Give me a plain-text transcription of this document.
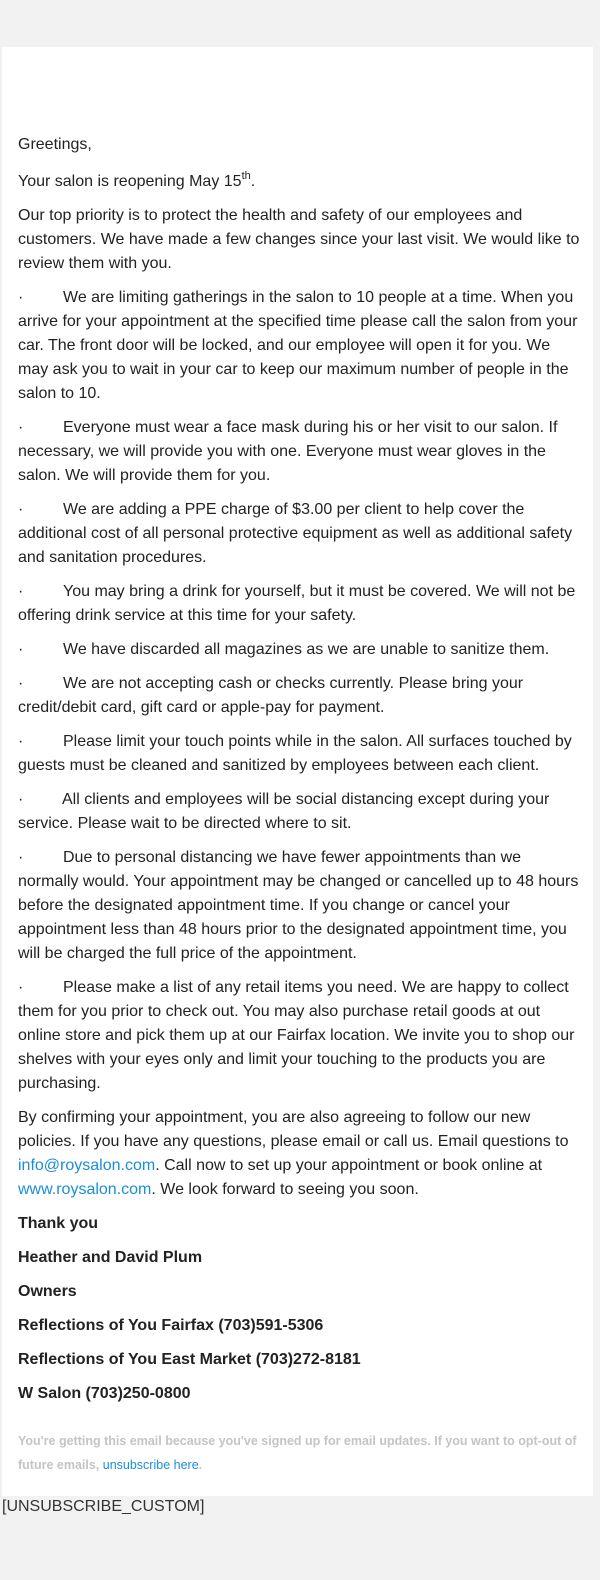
Greetings,

Your salon is reopening May 15th.

Our top priority is to protect the health and safety of our employees and customers. We have made a few changes since your last visit. We would like to review them with you.

· We are limiting gatherings in the salon to 10 people at a time. When you arrive for your appointment at the specified time please call the salon from your car. The front door will be locked, and our employee will open it for you. We may ask you to wait in your car to keep our maximum number of people in the salon to 10.

· Everyone must wear a face mask during his or her visit to our salon. If necessary, we will provide you with one. Everyone must wear gloves in the salon. We will provide them for you.

· We are adding a PPE charge of $3.00 per client to help cover the additional cost of all personal protective equipment as well as additional safety and sanitation procedures.

· You may bring a drink for yourself, but it must be covered. We will not be offering drink service at this time for your safety.

· We have discarded all magazines as we are unable to sanitize them.

· We are not accepting cash or checks currently. Please bring your credit/debit card, gift card or apple-pay for payment.

· Please limit your touch points while in the salon. All surfaces touched by guests must be cleaned and sanitized by employees between each client.

· All clients and employees will be social distancing except during your service. Please wait to be directed where to sit.

· Due to personal distancing we have fewer appointments than we normally would. Your appointment may be changed or cancelled up to 48 hours before the designated appointment time. If you change or cancel your appointment less than 48 hours prior to the designated appointment time, you will be charged the full price of the appointment.

· Please make a list of any retail items you need. We are happy to collect them for you prior to check out. You may also purchase retail goods at out online store and pick them up at our Fairfax location. We invite you to shop our shelves with your eyes only and limit your touching to the products you are purchasing.

By confirming your appointment, you are also agreeing to follow our new policies. If you have any questions, please email or call us. Email questions to info@roysalon.com. Call now to set up your appointment or book online at www.roysalon.com. We look forward to seeing you soon.

Thank you

Heather and David Plum

Owners

Reflections of You Fairfax (703)591-5306

Reflections of You East Market (703)272-8181

W Salon (703)250-0800

You're getting this email because you've signed up for email updates. If you want to opt-out of future emails, unsubscribe here.
[UNSUBSCRIBE_CUSTOM]
